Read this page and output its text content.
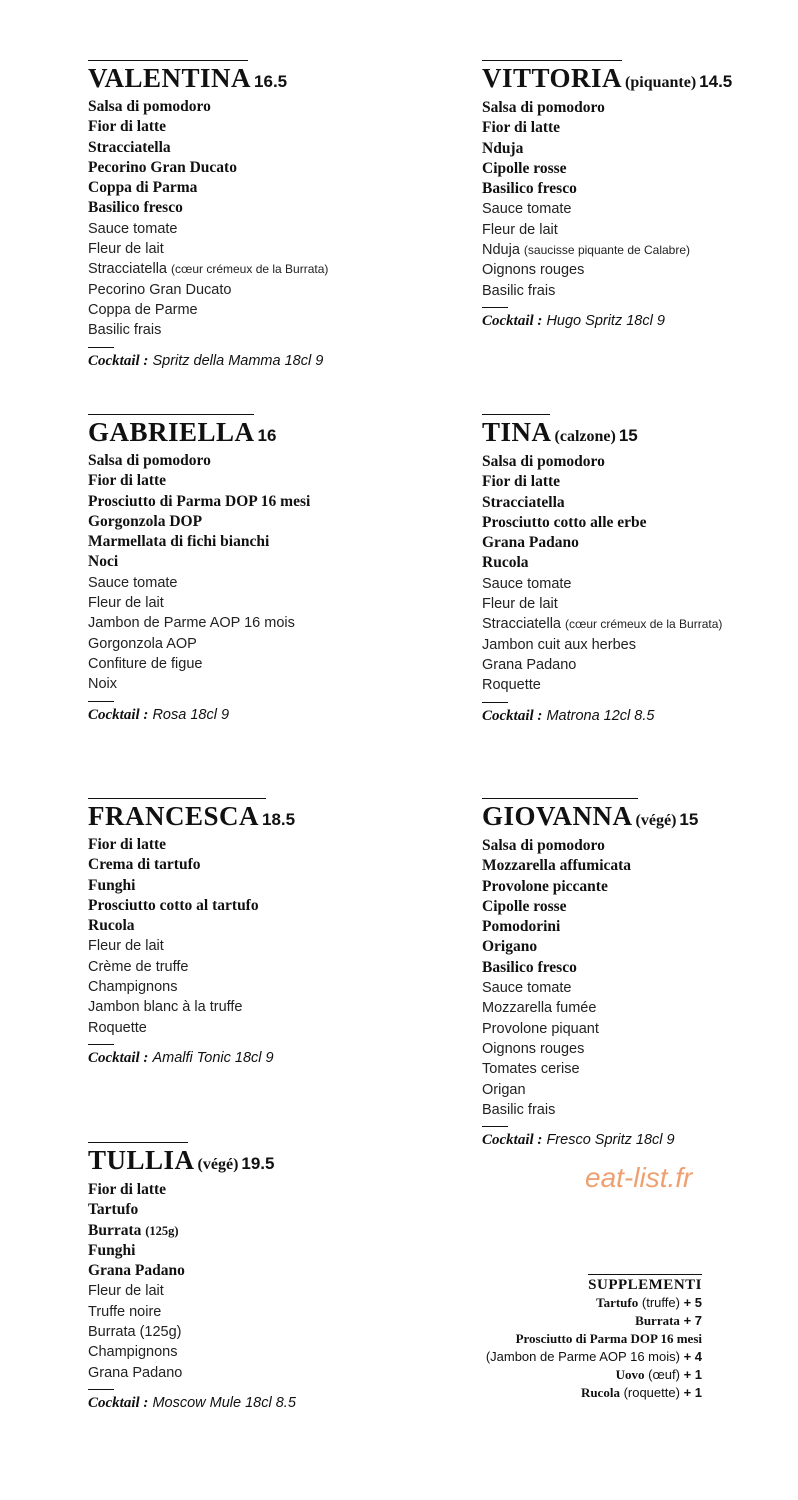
VALENTINA 16.5
Salsa di pomodoro
Fior di latte
Stracciatella
Pecorino Gran Ducato
Coppa di Parma
Basilico fresco
Sauce tomate
Fleur de lait
Stracciatella (cœur crémeux de la Burrata)
Pecorino Gran Ducato
Coppa de Parme
Basilic frais
Cocktail : Spritz della Mamma 18cl 9
VITTORIA (piquante) 14.5
Salsa di pomodoro
Fior di latte
Nduja
Cipolle rosse
Basilico fresco
Sauce tomate
Fleur de lait
Nduja (saucisse piquante de Calabre)
Oignons rouges
Basilic frais
Cocktail : Hugo Spritz 18cl 9
GABRIELLA 16
Salsa di pomodoro
Fior di latte
Prosciutto di Parma DOP 16 mesi
Gorgonzola DOP
Marmellata di fichi bianchi
Noci
Sauce tomate
Fleur de lait
Jambon de Parme AOP 16 mois
Gorgonzola AOP
Confiture de figue
Noix
Cocktail : Rosa 18cl 9
TINA (calzone) 15
Salsa di pomodoro
Fior di latte
Stracciatella
Prosciutto cotto alle erbe
Grana Padano
Rucola
Sauce tomate
Fleur de lait
Stracciatella (cœur crémeux de la Burrata)
Jambon cuit aux herbes
Grana Padano
Roquette
Cocktail : Matrona 12cl 8.5
FRANCESCA 18.5
Fior di latte
Crema di tartufo
Funghi
Prosciutto cotto al tartufo
Rucola
Fleur de lait
Crème de truffe
Champignons
Jambon blanc à la truffe
Roquette
Cocktail : Amalfi Tonic 18cl 9
GIOVANNA (végé) 15
Salsa di pomodoro
Mozzarella affumicata
Provolone piccante
Cipolle rosse
Pomodorini
Origano
Basilico fresco
Sauce tomate
Mozzarella fumée
Provolone piquant
Oignons rouges
Tomates cerise
Origan
Basilic frais
Cocktail : Fresco Spritz 18cl 9
TULLIA (végé) 19.5
Fior di latte
Tartufo
Burrata (125g)
Funghi
Grana Padano
Fleur de lait
Truffe noire
Burrata (125g)
Champignons
Grana Padano
Cocktail : Moscow Mule 18cl 8.5
eat-list.fr
SUPPLEMENTI
Tartufo (truffe) + 5
Burrata + 7
Prosciutto di Parma DOP 16 mesi
(Jambon de Parme AOP 16 mois) + 4
Uovo (œuf) + 1
Rucola (roquette) + 1
